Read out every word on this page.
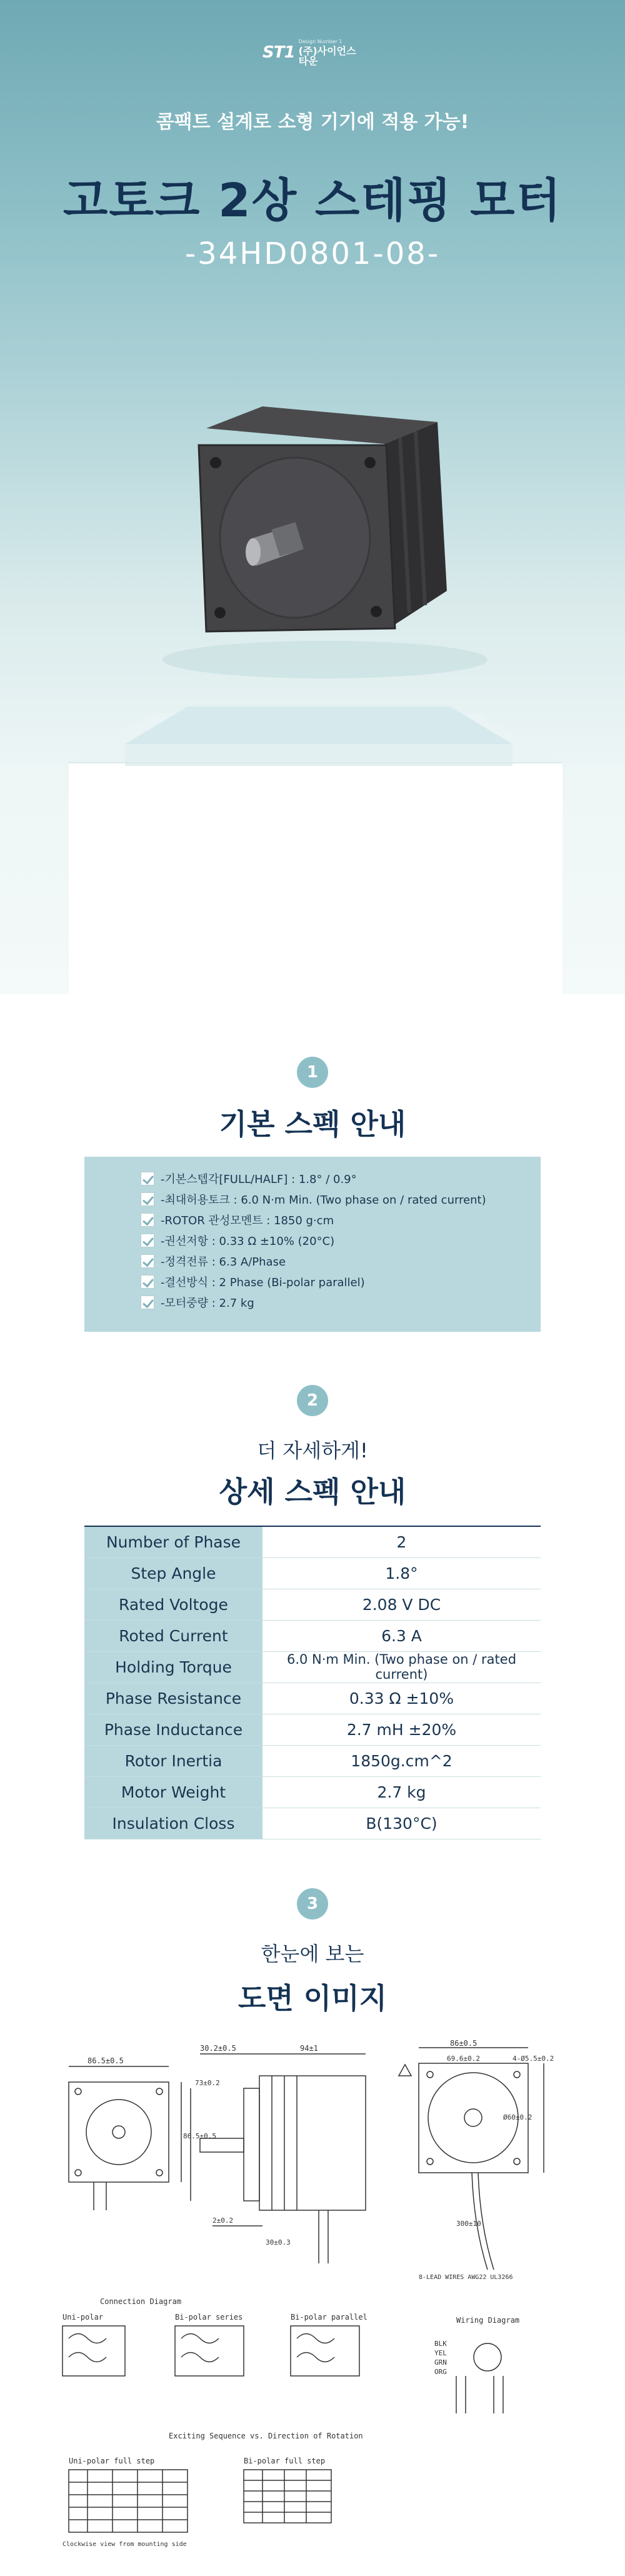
ST1
Design Number 1
(주)사이언스타운
콤팩트 설계로 소형 기기에 적용 가능!
고토크 2상 스테핑 모터
-34HD0801-08-
1
기본 스펙 안내
-기본스텝각[FULL/HALF] : 1.8° / 0.9°
-최대허용토크 : 6.0 N·m Min. (Two phase on / rated current)
-ROTOR 관성모멘트 : 1850 g·cm
-권선저항 : 0.33 Ω ±10% (20°C)
-정격전류 : 6.3 A/Phase
-결선방식 : 2 Phase (Bi-polar parallel)
-모터중량 : 2.7 kg
2
더 자세하게!
상세 스펙 안내
Number of Phase	2
Step Angle	1.8°
Rated Voltoge	2.08 V DC
Roted Current	6.3 A
Holding Torque	6.0 N·m Min. (Two phase on / rated current)
Phase Resistance	0.33 Ω ±10%
Phase Inductance	2.7 mH ±20%
Rotor Inertia	1850g.cm^2
Motor Weight	2.7 kg
Insulation Closs	B(130°C)
3
한눈에 보는
도면 이미지
86.5±0.5
86.5±0.5
30.2±0.5	94±1
73±0.2
2±0.2
30±0.3
86±0.5
69.6±0.2	4-Ø5.5±0.2
Ø60±0.2
300±10
8-LEAD WIRES AWG22 UL3266
Connection Diagram
Uni-polar	Bi-polar series	Bi-polar parallel	Wiring Diagram
BLK
YEL
GRN
ORG
Exciting Sequence vs. Direction of Rotation
Uni-polar full step	Bi-polar full step
Clockwise view from mounting side
